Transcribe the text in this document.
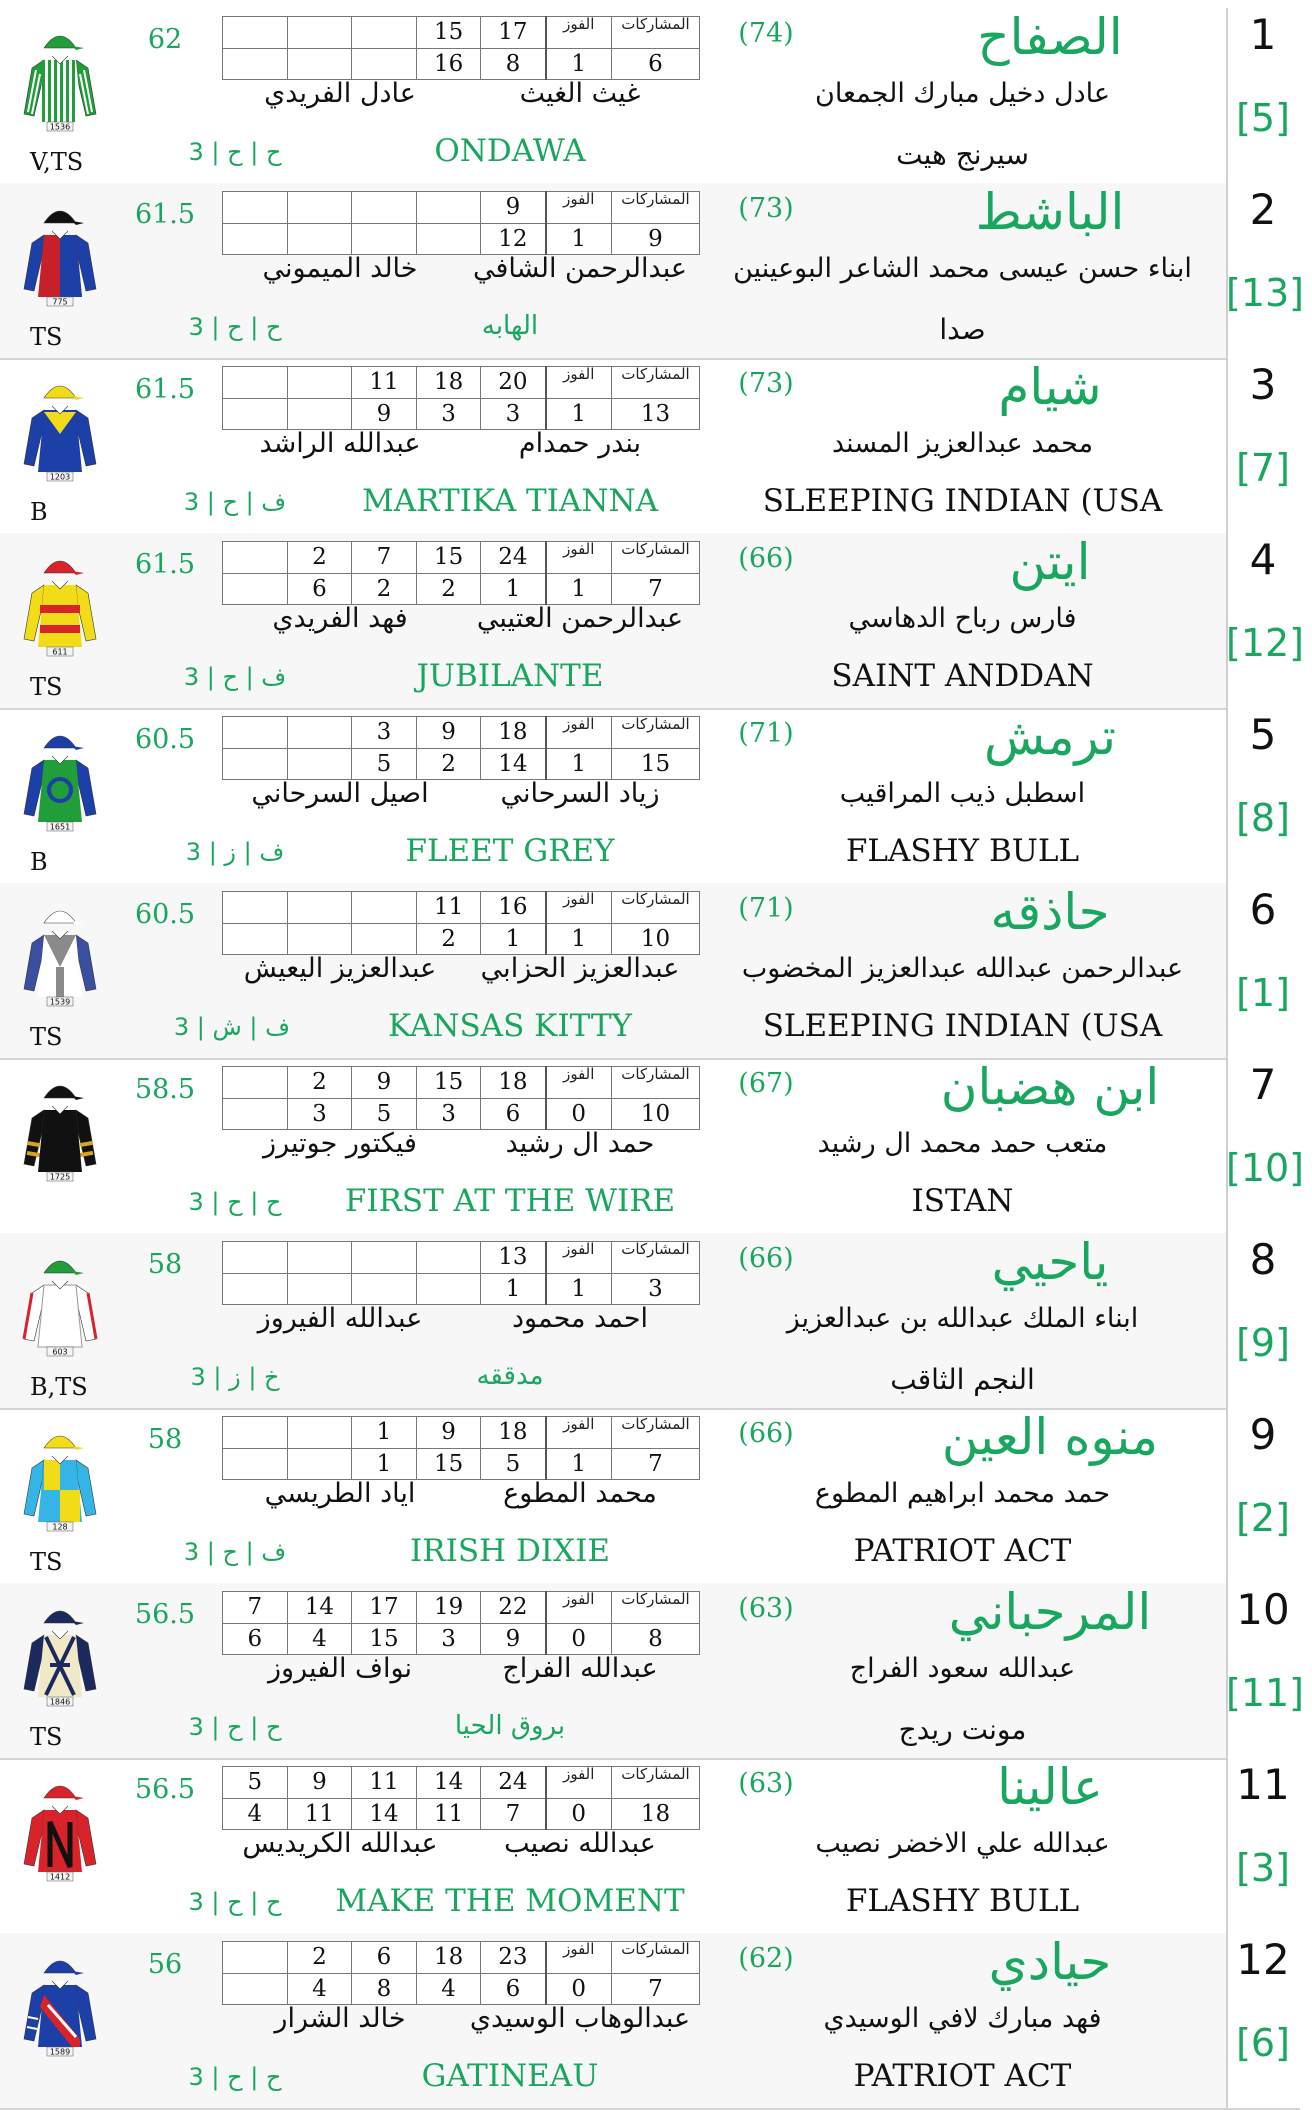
1
[5]
الصفاح
(74)
عادل دخيل مبارك الجمعان
سيرنج هيت
			15	17	الفوز	المشاركات
			16	8	1	6
62
غيث الغيث
عادل الفريدي
ONDAWA
ح | ح | 3
1536
V,TS
2
[13]
الباشط
(73)
ابناء حسن عيسى محمد الشاعر البوعينين
صدا
				9	الفوز	المشاركات
				12	1	9
61.5
عبدالرحمن الشافي
خالد الميموني
الهابه
ح | ح | 3
775
TS
3
[7]
شيام
(73)
محمد عبدالعزيز المسند
SLEEPING INDIAN (USA
		11	18	20	الفوز	المشاركات
		9	3	3	1	13
61.5
بندر حمدام
عبدالله الراشد
MARTIKA TIANNA
ف | ح | 3
1203
B
4
[12]
ايتن
(66)
فارس رباح الدهاسي
SAINT ANDDAN
	2	7	15	24	الفوز	المشاركات
	6	2	2	1	1	7
61.5
عبدالرحمن العتيبي
فهد الفريدي
JUBILANTE
ف | ح | 3
611
TS
5
[8]
ترمش
(71)
اسطبل ذيب المراقيب
FLASHY BULL
		3	9	18	الفوز	المشاركات
		5	2	14	1	15
60.5
زياد السرحاني
اصيل السرحاني
FLEET GREY
ف | ز | 3
1651
B
6
[1]
حاذقه
(71)
عبدالرحمن عبدالله عبدالعزيز المخضوب
SLEEPING INDIAN (USA
			11	16	الفوز	المشاركات
			2	1	1	10
60.5
عبدالعزيز الحزابي
عبدالعزيز اليعيش
KANSAS KITTY
ف | ش | 3
1539
TS
7
[10]
ابن هضبان
(67)
متعب حمد محمد ال رشيد
ISTAN
	2	9	15	18	الفوز	المشاركات
	3	5	3	6	0	10
58.5
حمد ال رشيد
فيكتور جوتيرز
FIRST AT THE WIRE
ح | ح | 3
1725
8
[9]
ياحيي
(66)
ابناء الملك عبدالله بن عبدالعزيز
النجم الثاقب
				13	الفوز	المشاركات
				1	1	3
58
احمد محمود
عبدالله الفيروز
مدققه
خ | ز | 3
603
B,TS
9
[2]
منوه العين
(66)
حمد محمد ابراهيم المطوع
PATRIOT ACT
		1	9	18	الفوز	المشاركات
		1	15	5	1	7
58
محمد المطوع
اياد الطريسي
IRISH DIXIE
ف | ح | 3
128
TS
10
[11]
المرحباني
(63)
عبدالله سعود الفراج
مونت ريدج
7	14	17	19	22	الفوز	المشاركات
6	4	15	3	9	0	8
56.5
عبدالله الفراج
نواف الفيروز
بروق الحيا
ح | ح | 3
1846
TS
11
[3]
عالينا
(63)
عبدالله علي الاخضر نصيب
FLASHY BULL
5	9	11	14	24	الفوز	المشاركات
4	11	14	11	7	0	18
56.5
عبدالله نصيب
عبدالله الكريديس
MAKE THE MOMENT
ح | ح | 3
1412
12
[6]
حيادي
(62)
فهد مبارك لافي الوسيدي
PATRIOT ACT
	2	6	18	23	الفوز	المشاركات
	4	8	4	6	0	7
56
عبدالوهاب الوسيدي
خالد الشرار
GATINEAU
ح | ح | 3
1589
